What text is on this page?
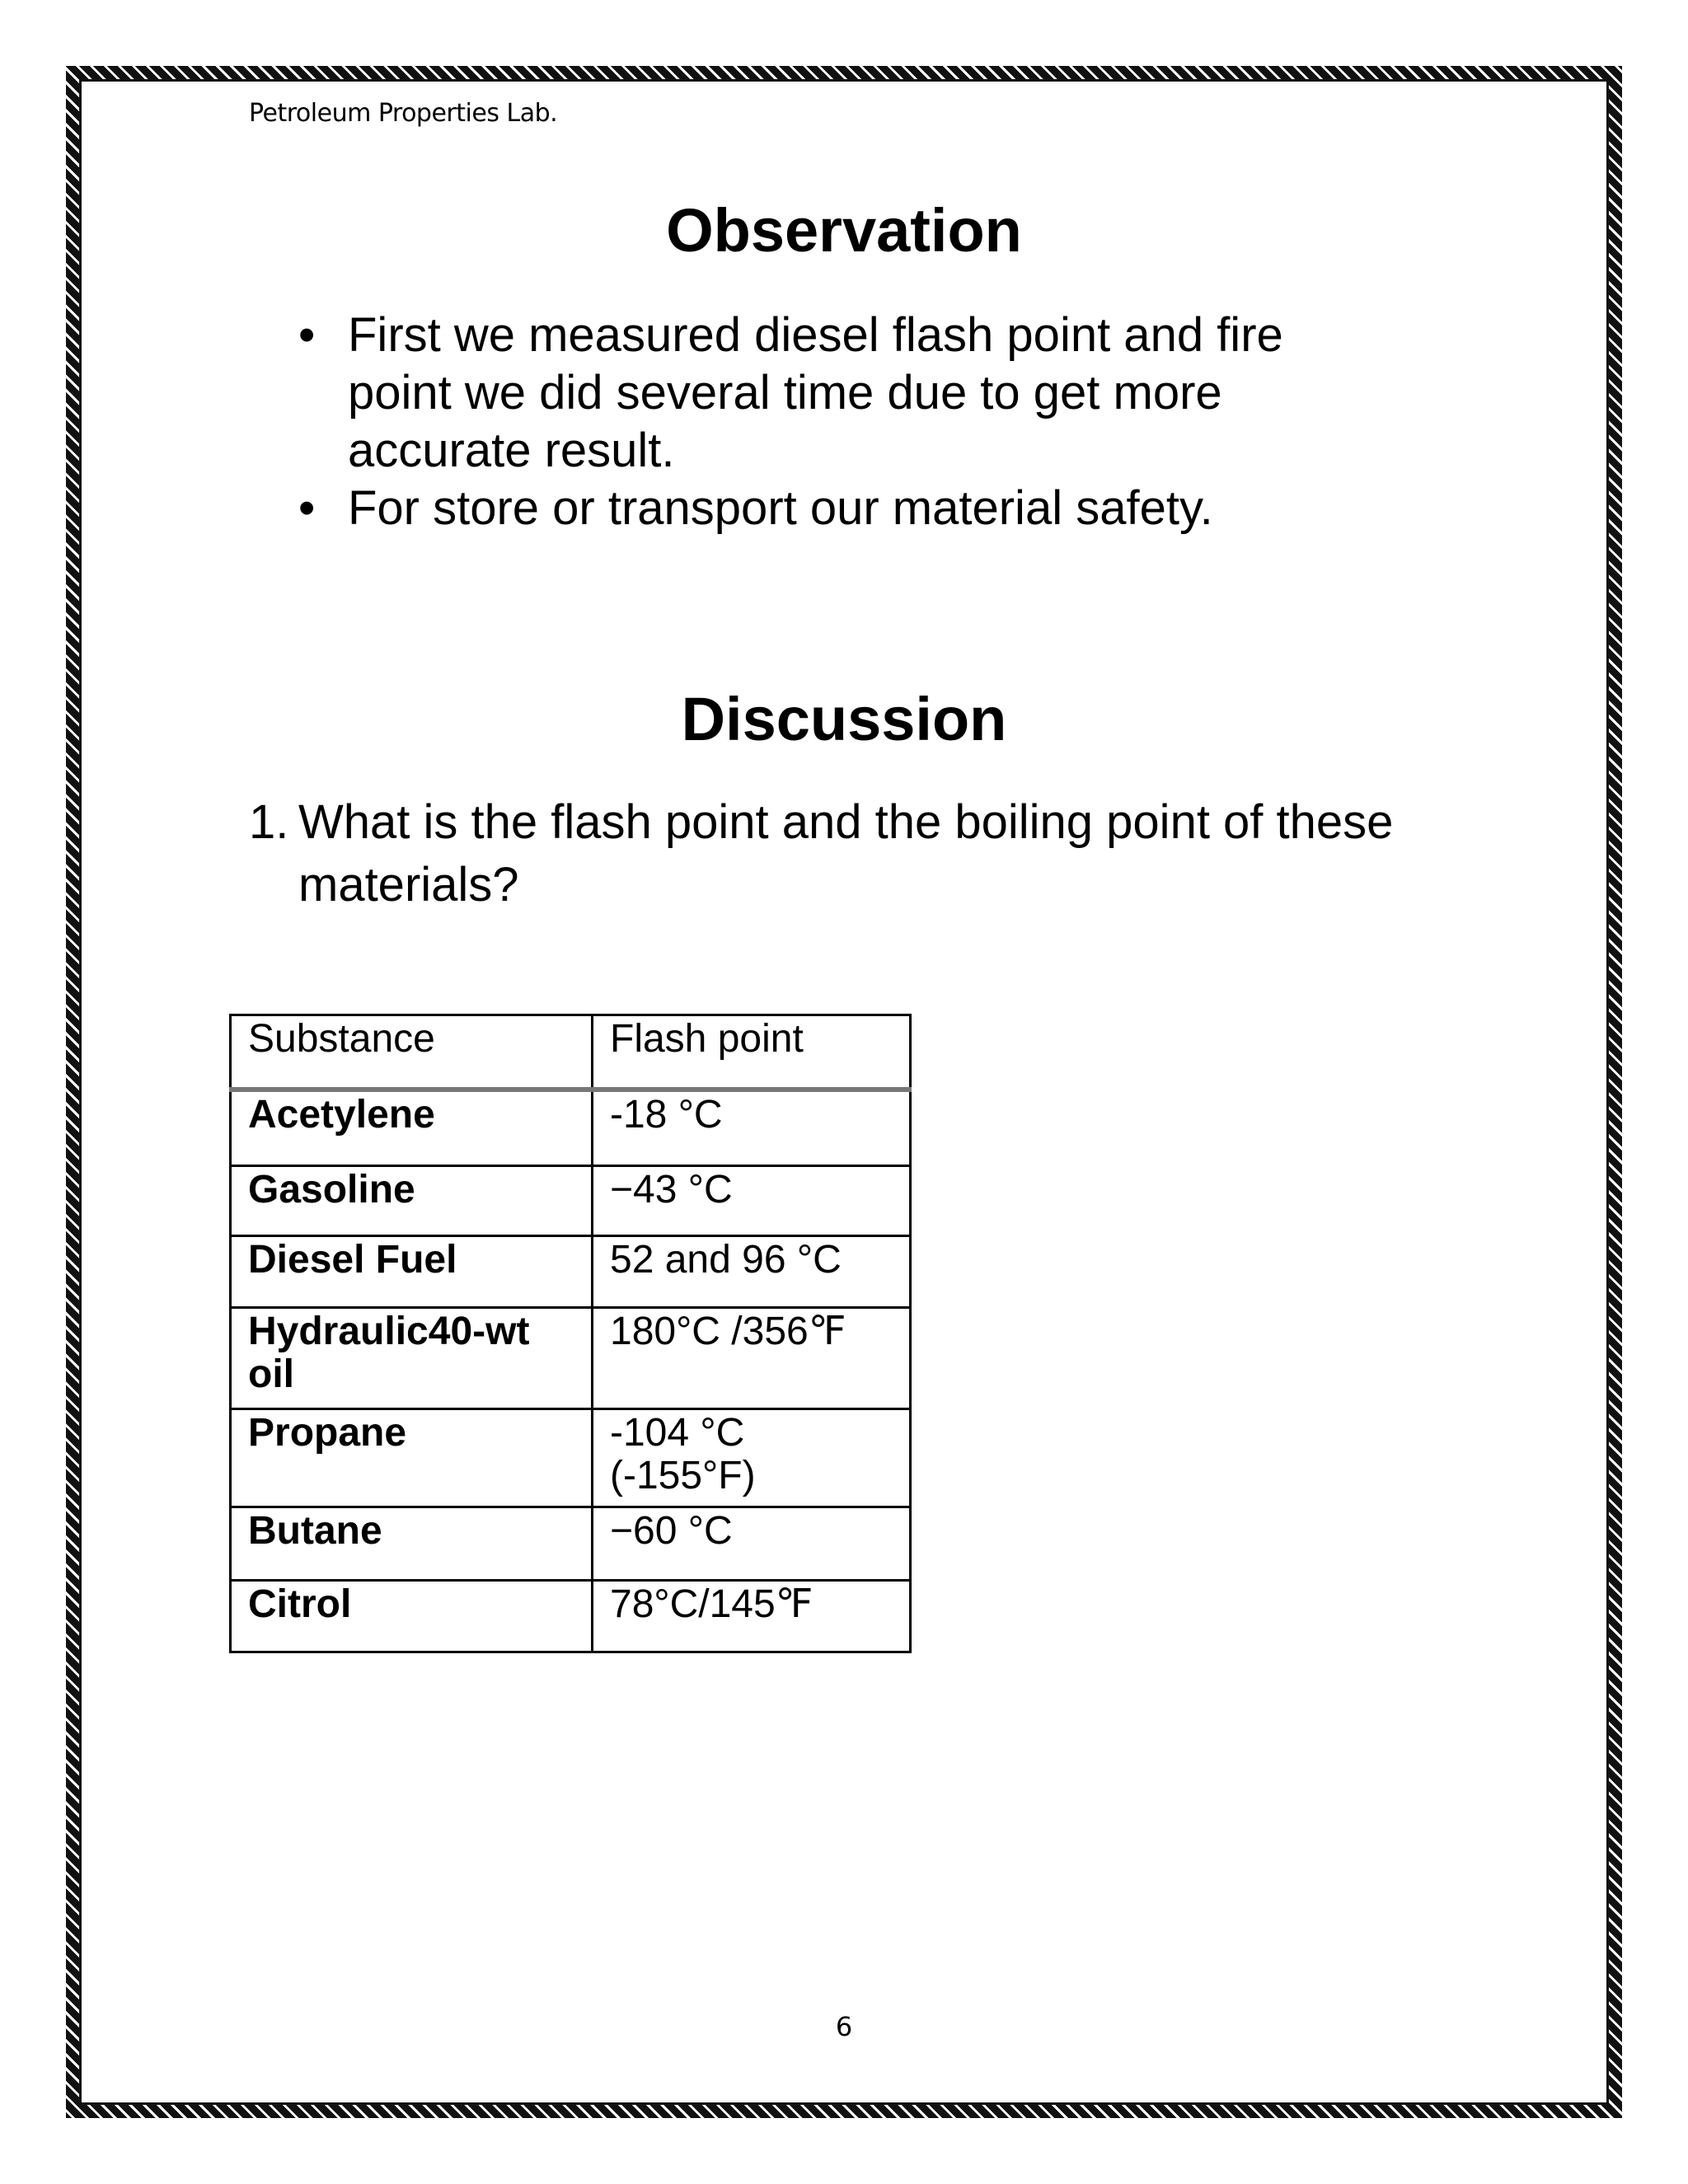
Petroleum Properties Lab.
Observation
• First we measured diesel flash point and fire point we did several time due to get more accurate result.
• For store or transport our material safety.
Discussion
1. What is the flash point and the boiling point of these materials?
Substance	Flash point
Acetylene	-18 °C
Gasoline	−43 °C
Diesel Fuel	52 and 96 °C
Hydraulic40-wt oil	180°C /356℉
Propane	-104 °C (-155°F)
Butane	−60 °C
Citrol	78°C/145℉
6
